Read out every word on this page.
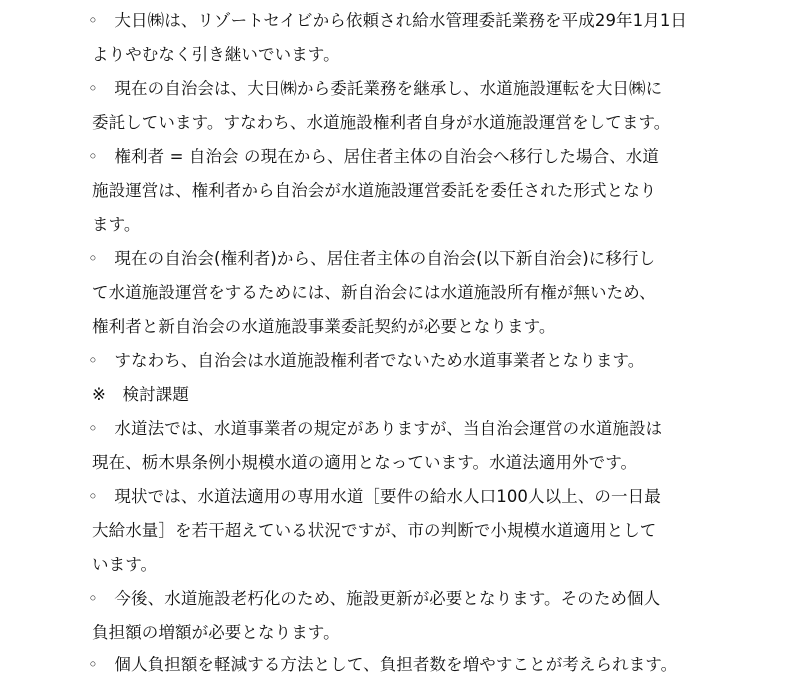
◦　大日㈱は、リゾートセイビから依頼され給水管理委託業務を平成29年1月1日
よりやむなく引き継いでいます。
◦　現在の自治会は、大日㈱から委託業務を継承し、水道施設運転を大日㈱に
委託しています。すなわち、水道施設権利者自身が水道施設運営をしてます。
◦　権利者 = 自治会 の現在から、居住者主体の自治会へ移行した場合、水道
施設運営は、権利者から自治会が水道施設運営委託を委任された形式となり
ます。
◦　現在の自治会(権利者)から、居住者主体の自治会(以下新自治会)に移行し
て水道施設運営をするためには、新自治会には水道施設所有権が無いため、
権利者と新自治会の水道施設事業委託契約が必要となります。
◦　すなわち、自治会は水道施設権利者でないため水道事業者となります。
※　検討課題
◦　水道法では、水道事業者の規定がありますが、当自治会運営の水道施設は
現在、栃木県条例小規模水道の適用となっています。水道法適用外です。
◦　現状では、水道法適用の専用水道［要件の給水人口100人以上、の一日最
大給水量］を若干超えている状況ですが、市の判断で小規模水道適用として
います。
◦　今後、水道施設老朽化のため、施設更新が必要となります。そのため個人
負担額の増額が必要となります。
◦　個人負担額を軽減する方法として、負担者数を増やすことが考えられます。
